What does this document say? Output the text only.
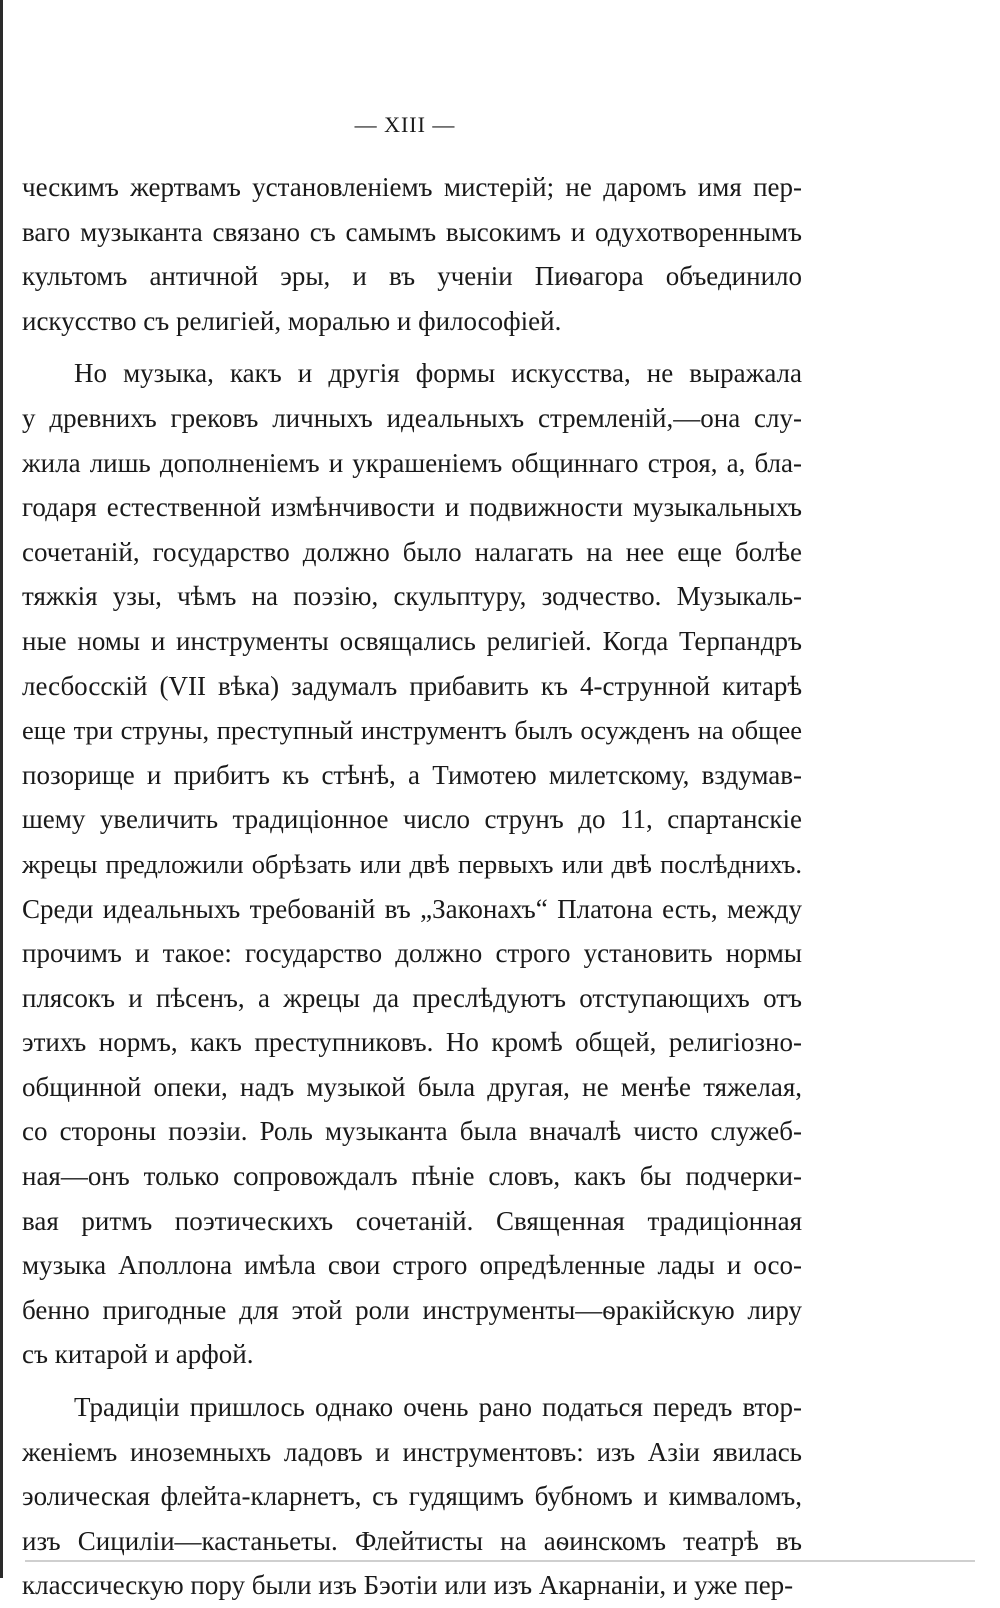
— XIII —
ческимъ жертвамъ установленіемъ мистерій; не даромъ имя пер-
ваго музыканта связано съ самымъ высокимъ и одухотвореннымъ
культомъ античной эры, и въ ученіи Пиѳагора объединило
искусство съ религіей, моралью и философіей.
Но музыка, какъ и другія формы искусства, не выражала
у древнихъ грековъ личныхъ идеальныхъ стремленій,—она слу-
жила лишь дополненіемъ и украшеніемъ общиннаго строя, а, бла-
годаря естественной измѣнчивости и подвижности музыкальныхъ
сочетаній, государство должно было налагать на нее еще болѣе
тяжкія узы, чѣмъ на поэзію, скульптуру, зодчество. Музыкаль-
ные номы и инструменты освящались религіей. Когда Терпандръ
лесбосскій (VII вѣка) задумалъ прибавить къ 4-струнной китарѣ
еще три струны, преступный инструментъ былъ осужденъ на общее
позорище и прибитъ къ стѣнѣ, а Тимотею милетскому, вздумав-
шему увеличить традиціонное число струнъ до 11, спартанскіе
жрецы предложили обрѣзать или двѣ первыхъ или двѣ послѣднихъ.
Среди идеальныхъ требованій въ „Законахъ“ Платона есть, между
прочимъ и такое: государство должно строго установить нормы
плясокъ и пѣсенъ, а жрецы да преслѣдуютъ отступающихъ отъ
этихъ нормъ, какъ преступниковъ. Но кромѣ общей, религіозно-
общинной опеки, надъ музыкой была другая, не менѣе тяжелая,
со стороны поэзіи. Роль музыканта была вначалѣ чисто служеб-
ная—онъ только сопровождалъ пѣніе словъ, какъ бы подчерки-
вая ритмъ поэтическихъ сочетаній. Священная традиціонная
музыка Аполлона имѣла свои строго опредѣленные лады и осо-
бенно пригодные для этой роли инструменты—ѳракійскую лиру
съ китарой и арфой.
Традиціи пришлось однако очень рано податься передъ втор-
женіемъ иноземныхъ ладовъ и инструментовъ: изъ Азіи явилась
эолическая флейта-кларнетъ, съ гудящимъ бубномъ и кимваломъ,
изъ Сициліи—кастаньеты. Флейтисты на аѳинскомъ театрѣ въ
классическую пору были изъ Бэотіи или изъ Акарнаніи, и уже пер-
